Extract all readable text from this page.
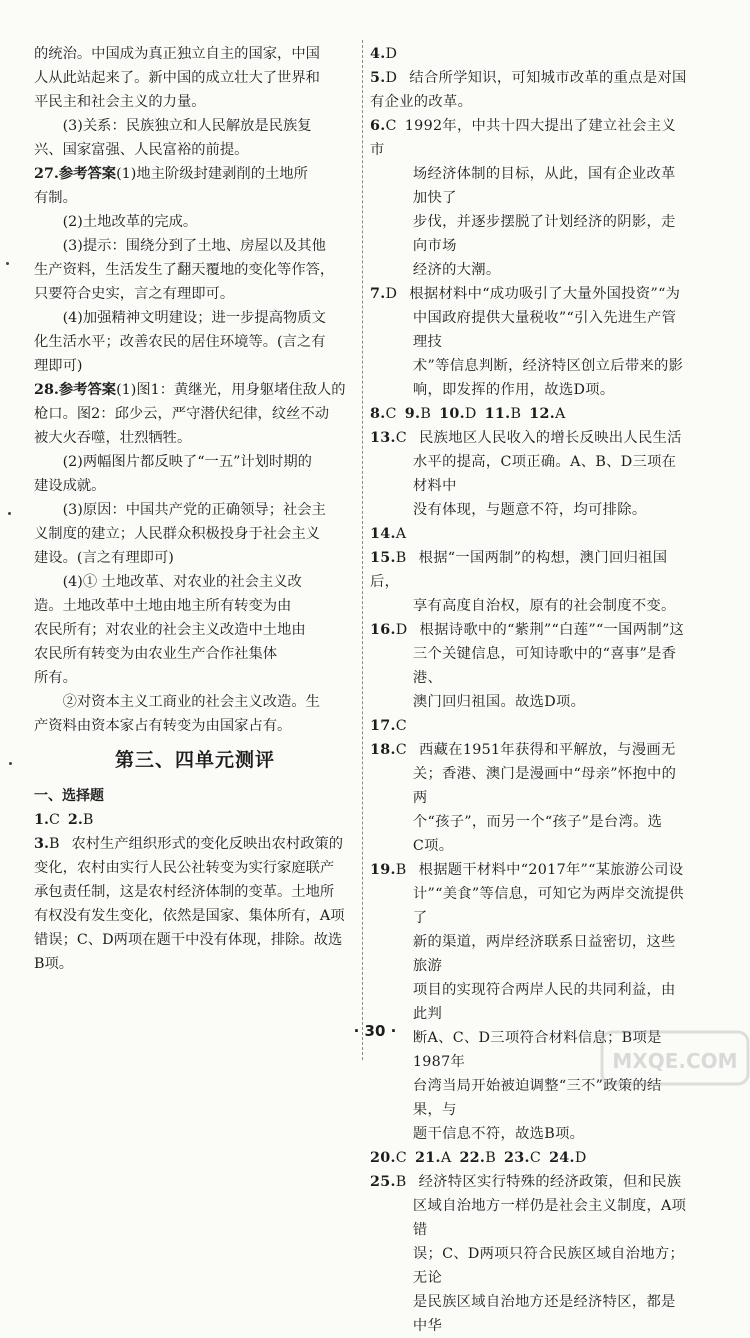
的统治。中国成为真正独立自主的国家，中国
人从此站起来了。新中国的成立壮大了世界和
平民主和社会主义的力量。
(3)关系：民族独立和人民解放是民族复
兴、国家富强、人民富裕的前提。
27.参考答案(1)地主阶级封建剥削的土地所
有制。
(2)土地改革的完成。
(3)提示：围绕分到了土地、房屋以及其他
生产资料，生活发生了翻天覆地的变化等作答，
只要符合史实，言之有理即可。
(4)加强精神文明建设；进一步提高物质文
化生活水平；改善农民的居住环境等。(言之有
理即可)
28.参考答案(1)图1：黄继光，用身躯堵住敌人的
枪口。图2：邱少云，严守潜伏纪律，纹丝不动
被大火吞噬，壮烈牺牲。
(2)两幅图片都反映了“一五”计划时期的
建设成就。
(3)原因：中国共产党的正确领导；社会主
义制度的建立；人民群众积极投身于社会主义
建设。(言之有理即可)
(4)① 土地改革、对农业的社会主义改
造。土地改革中土地由地主所有转变为由
农民所有；对农业的社会主义改造中土地由
农民所有转变为由农业生产合作社集体
所有。
②对资本主义工商业的社会主义改造。生
产资料由资本家占有转变为由国家占有。
第三、四单元测评
一、选择题
1.C 2.B
3.B 农村生产组织形式的变化反映出农村政策的
变化，农村由实行人民公社转变为实行家庭联产
承包责任制，这是农村经济体制的变革。土地所
有权没有发生变化，依然是国家、集体所有，A项
错误；C、D两项在题干中没有体现，排除。故选
B项。
4.D
5.D 结合所学知识，可知城市改革的重点是对国
有企业的改革。
6.C 1992年，中共十四大提出了建立社会主义市
场经济体制的目标，从此，国有企业改革加快了
步伐，并逐步摆脱了计划经济的阴影，走向市场
经济的大潮。
7.D 根据材料中“成功吸引了大量外国投资”“为
中国政府提供大量税收”“引入先进生产管理技
术”等信息判断，经济特区创立后带来的影
响，即发挥的作用，故选D项。
8.C 9.B 10.D 11.B 12.A
13.C 民族地区人民收入的增长反映出人民生活
水平的提高，C项正确。A、B、D三项在材料中
没有体现，与题意不符，均可排除。
14.A
15.B 根据“一国两制”的构想，澳门回归祖国后，
享有高度自治权，原有的社会制度不变。
16.D 根据诗歌中的“紫荆”“白莲”“一国两制”这
三个关键信息，可知诗歌中的“喜事”是香港、
澳门回归祖国。故选D项。
17.C
18.C 西藏在1951年获得和平解放，与漫画无
关；香港、澳门是漫画中“母亲”怀抱中的两
个“孩子”，而另一个“孩子”是台湾。选
C项。
19.B 根据题干材料中“2017年”“某旅游公司设
计”“美食”等信息，可知它为两岸交流提供了
新的渠道，两岸经济联系日益密切，这些旅游
项目的实现符合两岸人民的共同利益，由此判
断A、C、D三项符合材料信息；B项是1987年
台湾当局开始被迫调整“三不”政策的结果，与
题干信息不符，故选B项。
20.C 21.A 22.B 23.C 24.D
25.B 经济特区实行特殊的经济政策，但和民族
区域自治地方一样仍是社会主义制度，A项错
误；C、D两项只符合民族区域自治地方；无论
是民族区域自治地方还是经济特区，都是中华
· 30 ·
MXQE.COM
